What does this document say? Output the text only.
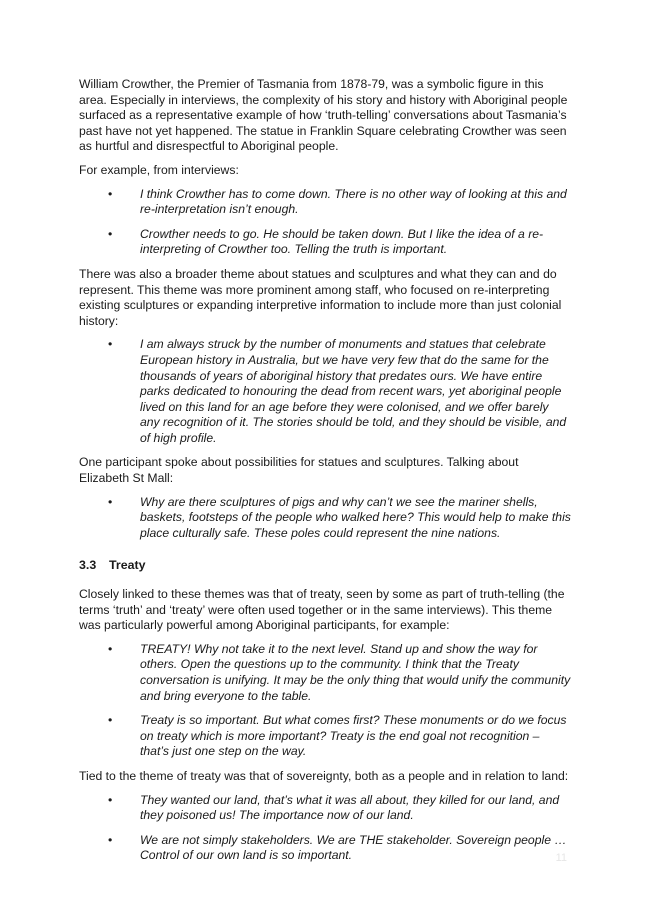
William Crowther, the Premier of Tasmania from 1878-79, was a symbolic figure in this area. Especially in interviews, the complexity of his story and history with Aboriginal people surfaced as a representative example of how ‘truth-telling’ conversations about Tasmania’s past have not yet happened. The statue in Franklin Square celebrating Crowther was seen as hurtful and disrespectful to Aboriginal people.

For example, from interviews:

• I think Crowther has to come down. There is no other way of looking at this and re-interpretation isn’t enough.
• Crowther needs to go. He should be taken down. But I like the idea of a re-interpreting of Crowther too. Telling the truth is important.

There was also a broader theme about statues and sculptures and what they can and do represent. This theme was more prominent among staff, who focused on re-interpreting existing sculptures or expanding interpretive information to include more than just colonial history:

• I am always struck by the number of monuments and statues that celebrate European history in Australia, but we have very few that do the same for the thousands of years of aboriginal history that predates ours. We have entire parks dedicated to honouring the dead from recent wars, yet aboriginal people lived on this land for an age before they were colonised, and we offer barely any recognition of it. The stories should be told, and they should be visible, and of high profile.

One participant spoke about possibilities for statues and sculptures. Talking about Elizabeth St Mall:

• Why are there sculptures of pigs and why can’t we see the mariner shells, baskets, footsteps of the people who walked here? This would help to make this place culturally safe. These poles could represent the nine nations.
3.3 Treaty

Closely linked to these themes was that of treaty, seen by some as part of truth-telling (the terms ‘truth’ and ‘treaty’ were often used together or in the same interviews). This theme was particularly powerful among Aboriginal participants, for example:

• TREATY! Why not take it to the next level. Stand up and show the way for others. Open the questions up to the community. I think that the Treaty conversation is unifying. It may be the only thing that would unify the community and bring everyone to the table.
• Treaty is so important. But what comes first? These monuments or do we focus on treaty which is more important? Treaty is the end goal not recognition – that’s just one step on the way.

Tied to the theme of treaty was that of sovereignty, both as a people and in relation to land:

• They wanted our land, that’s what it was all about, they killed for our land, and they poisoned us! The importance now of our land.
• We are not simply stakeholders. We are THE stakeholder. Sovereign people … Control of our own land is so important.	11
